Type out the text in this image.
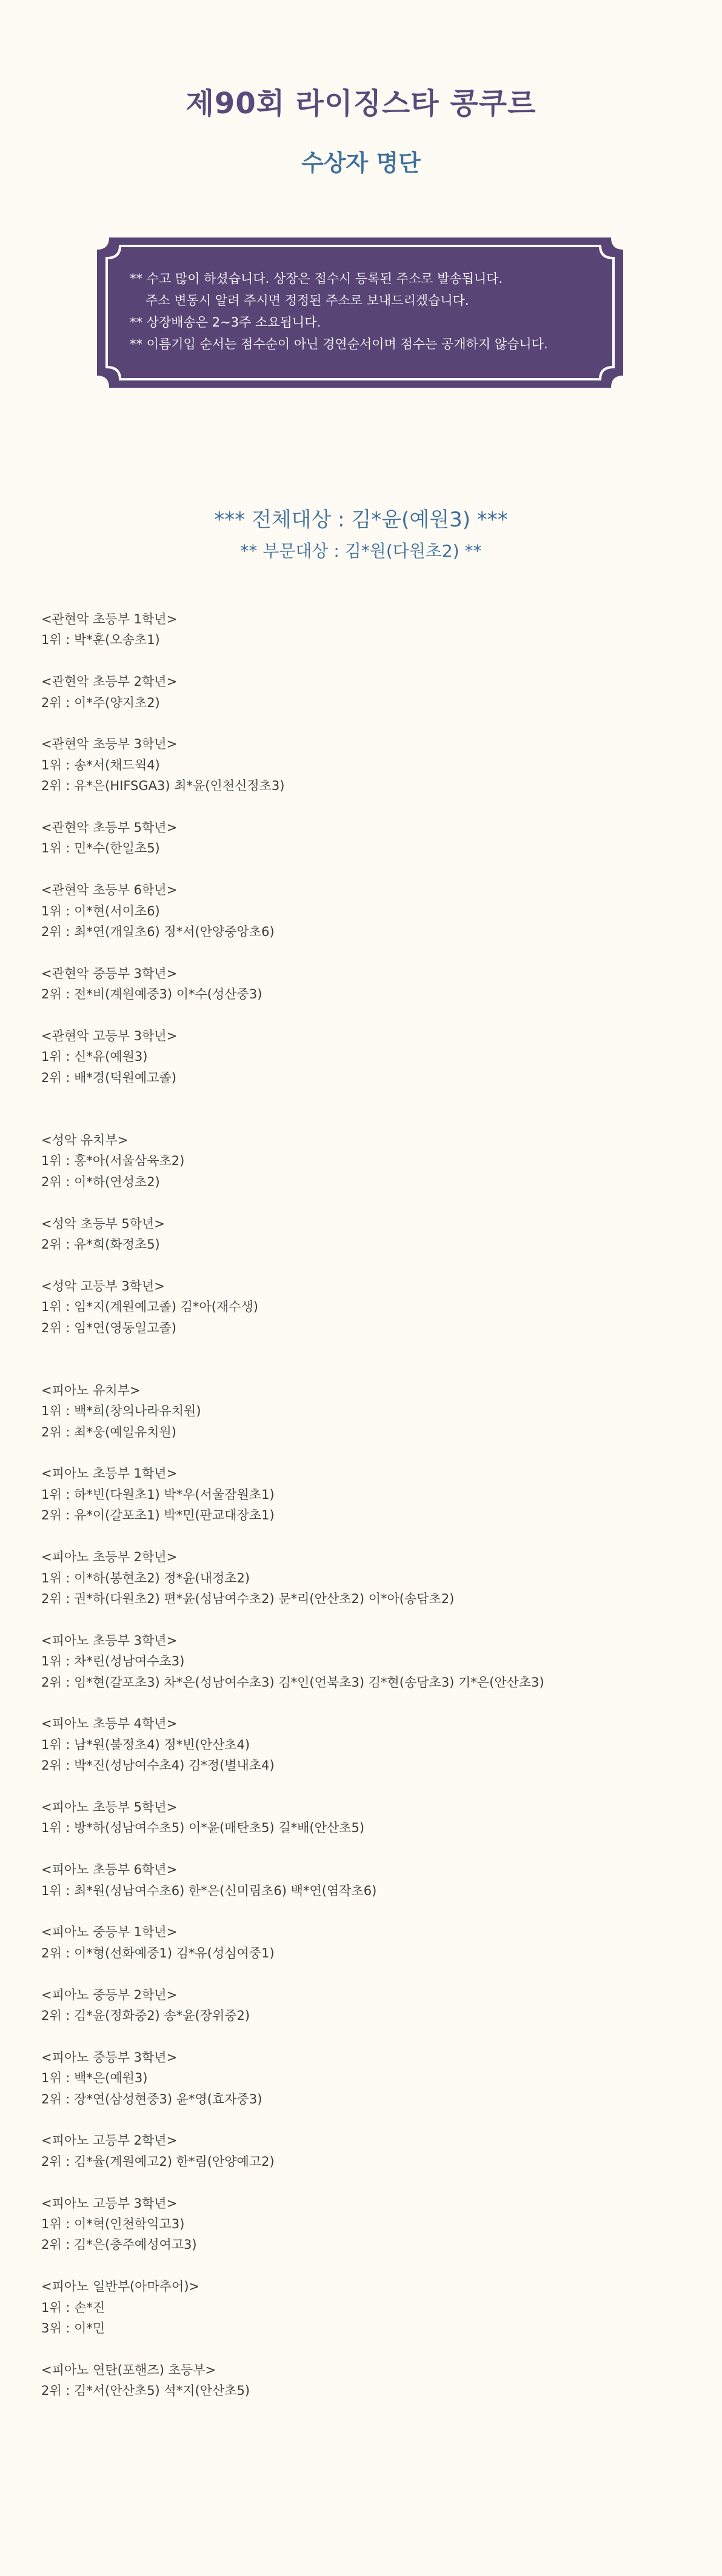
제90회 라이징스타 콩쿠르
수상자 명단
** 수고 많이 하셨습니다. 상장은 접수시 등록된 주소로 발송됩니다.
주소 변동시 알려 주시면 정정된 주소로 보내드리겠습니다.
** 상장배송은 2~3주 소요됩니다.
** 이름기입 순서는 점수순이 아닌 경연순서이며 점수는 공개하지 않습니다.
*** 전체대상 : 김*윤(예원3) ***
** 부문대상 : 김*원(다원초2) **
<관현악 초등부 1학년>
1위 : 박*훈(오송초1)
<관현악 초등부 2학년>
2위 : 이*주(양지초2)
<관현악 초등부 3학년>
1위 : 송*서(채드윅4)
2위 : 유*은(HIFSGA3) 최*윤(인천신정초3)
<관현악 초등부 5학년>
1위 : 민*수(한일초5)
<관현악 초등부 6학년>
1위 : 이*현(서이초6)
2위 : 최*연(개일초6) 정*서(안양중앙초6)
<관현악 중등부 3학년>
2위 : 전*비(계원예중3) 이*수(성산중3)
<관현악 고등부 3학년>
1위 : 신*유(예원3)
2위 : 배*경(덕원예고졸)
<성악 유치부>
1위 : 홍*아(서울삼육초2)
2위 : 이*하(연성초2)
<성악 초등부 5학년>
2위 : 유*희(화정초5)
<성악 고등부 3학년>
1위 : 임*지(계원예고졸) 김*아(재수생)
2위 : 임*연(영동일고졸)
<피아노 유치부>
1위 : 백*희(창의나라유치원)
2위 : 최*웅(예일유치원)
<피아노 초등부 1학년>
1위 : 하*빈(다원초1) 박*우(서울잠원초1)
2위 : 유*이(갈포초1) 박*민(판교대장초1)
<피아노 초등부 2학년>
1위 : 이*하(봉현초2) 정*윤(내정초2)
2위 : 권*하(다원초2) 편*윤(성남여수초2) 문*리(안산초2) 이*아(송담초2)
<피아노 초등부 3학년>
1위 : 차*린(성남여수초3)
2위 : 임*현(갈포초3) 차*은(성남여수초3) 김*인(언북초3) 김*현(송담초3) 기*은(안산초3)
<피아노 초등부 4학년>
1위 : 남*원(불정초4) 정*빈(안산초4)
2위 : 박*진(성남여수초4) 김*정(별내초4)
<피아노 초등부 5학년>
1위 : 방*하(성남여수초5) 이*윤(매탄초5) 길*배(안산초5)
<피아노 초등부 6학년>
1위 : 최*원(성남여수초6) 한*은(신미림초6) 백*연(염작초6)
<피아노 중등부 1학년>
2위 : 이*형(선화예중1) 김*유(성심여중1)
<피아노 중등부 2학년>
2위 : 김*윤(정화중2) 송*윤(장위중2)
<피아노 중등부 3학년>
1위 : 백*은(예원3)
2위 : 장*연(삼성현중3) 윤*영(효자중3)
<피아노 고등부 2학년>
2위 : 김*율(계원예고2) 한*림(안양예고2)
<피아노 고등부 3학년>
1위 : 이*혁(인천학익고3)
2위 : 김*은(충주예성여고3)
<피아노 일반부(아마추어)>
1위 : 손*진
3위 : 이*민
<피아노 연탄(포핸즈) 초등부>
2위 : 김*서(안산초5) 석*지(안산초5)
